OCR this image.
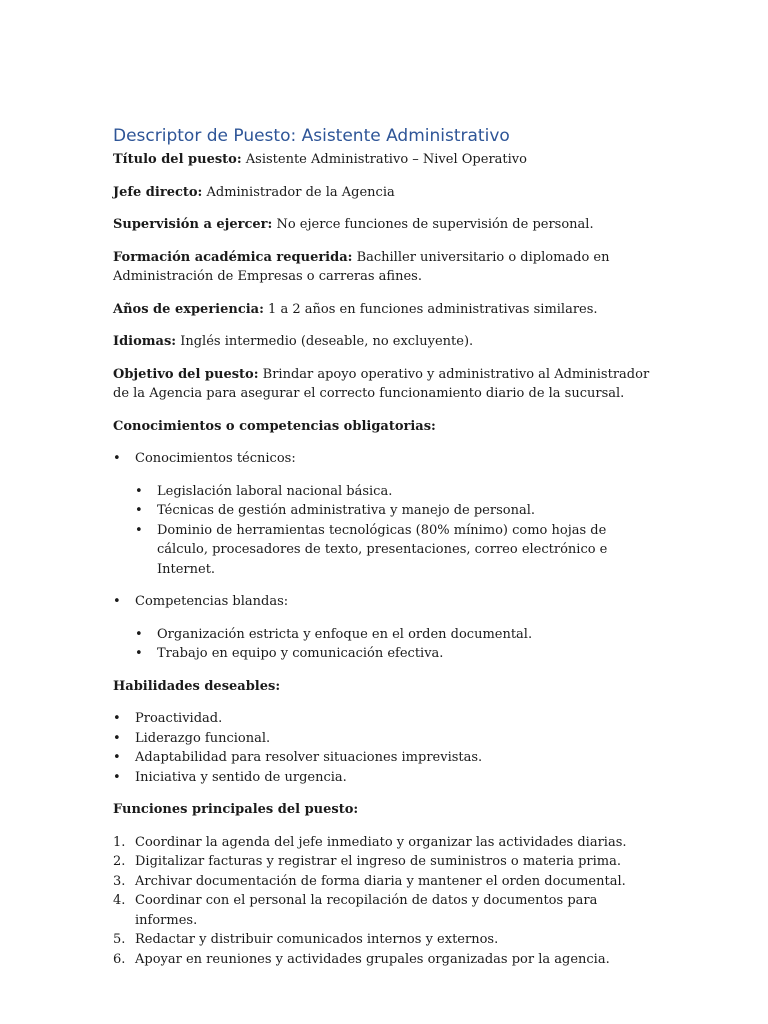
Descriptor de Puesto: Asistente Administrativo

Título del puesto: Asistente Administrativo – Nivel Operativo

Jefe directo: Administrador de la Agencia

Supervisión a ejercer: No ejerce funciones de supervisión de personal.

Formación académica requerida: Bachiller universitario o diplomado en Administración de Empresas o carreras afines.

Años de experiencia: 1 a 2 años en funciones administrativas similares.

Idiomas: Inglés intermedio (deseable, no excluyente).

Objetivo del puesto: Brindar apoyo operativo y administrativo al Administrador de la Agencia para asegurar el correcto funcionamiento diario de la sucursal.

Conocimientos o competencias obligatorias:

• Conocimientos técnicos:
• Legislación laboral nacional básica.
• Técnicas de gestión administrativa y manejo de personal.
• Dominio de herramientas tecnológicas (80% mínimo) como hojas de cálculo, procesadores de texto, presentaciones, correo electrónico e Internet.
• Competencias blandas:
• Organización estricta y enfoque en el orden documental.
• Trabajo en equipo y comunicación efectiva.

Habilidades deseables:

• Proactividad.
• Liderazgo funcional.
• Adaptabilidad para resolver situaciones imprevistas.
• Iniciativa y sentido de urgencia.

Funciones principales del puesto:

1. Coordinar la agenda del jefe inmediato y organizar las actividades diarias.
2. Digitalizar facturas y registrar el ingreso de suministros o materia prima.
3. Archivar documentación de forma diaria y mantener el orden documental.
4. Coordinar con el personal la recopilación de datos y documentos para informes.
5. Redactar y distribuir comunicados internos y externos.
6. Apoyar en reuniones y actividades grupales organizadas por la agencia.
